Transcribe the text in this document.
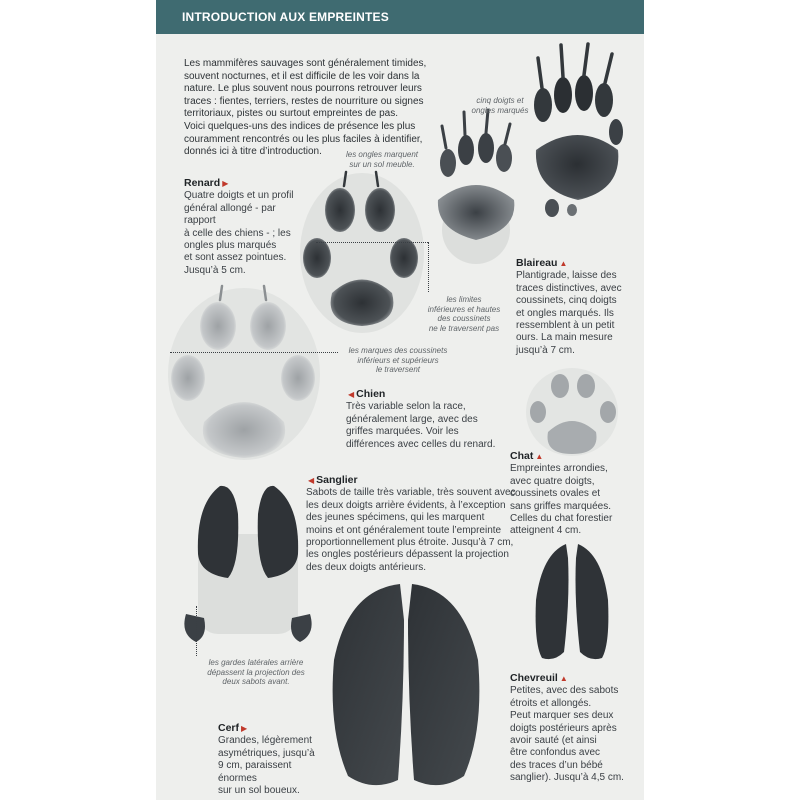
INTRODUCTION AUX EMPREINTES

Les mammifères sauvages sont généralement timides,

souvent nocturnes, et il est difficile de les voir dans la

nature. Le plus souvent nous pourrons retrouver leurs

traces : fientes, terriers, restes de nourriture ou signes

territoriaux, pistes ou surtout empreintes de pas.

Voici quelques-uns des indices de présence les plus

couramment rencontrés ou les plus faciles à identifier,

donnés ici à titre d’introduction.	les ongles marquent
sur un sol meuble.
cinq doigts et
ongles marqués
les limites
inférieures et hautes
des coussinets
ne le traversent pas
les marques des coussinets
inférieurs et supérieurs
le traversent
les gardes latérales arrière
dépassent la projection des
deux sabots avant.
Renard ▶

Quatre doigts et un profil

général allongé - par rapport

à celle des chiens - ; les

ongles plus marqués

et sont assez pointues.

Jusqu’à 5 cm.

Blaireau ▲

Plantigrade, laisse des

traces distinctives, avec

coussinets, cinq doigts

et ongles marqués. Ils

ressemblent à un petit

ours. La main mesure

jusqu’à 7 cm.

◀ Chien

Très variable selon la race,

généralement large, avec des

griffes marquées. Voir les

différences avec celles du renard.

Chat ▲

Empreintes arrondies,

avec quatre doigts,

coussinets ovales et

sans griffes marquées.

Celles du chat forestier

atteignent 4 cm.

◀ Sanglier

Sabots de taille très variable, très souvent avec

les deux doigts arrière évidents, à l’exception

des jeunes spécimens, qui les marquent

moins et ont généralement toute l’empreinte

proportionnellement plus étroite. Jusqu’à 7 cm,

les ongles postérieurs dépassent la projection

des deux doigts antérieurs.

Cerf ▶

Grandes, légèrement

asymétriques, jusqu’à

9 cm, paraissent énormes

sur un sol boueux.

Chevreuil ▲

Petites, avec des sabots

étroits et allongés.

Peut marquer ses deux

doigts postérieurs après

avoir sauté (et ainsi

être confondus avec

des traces d’un bébé

sanglier). Jusqu’à 4,5 cm.
